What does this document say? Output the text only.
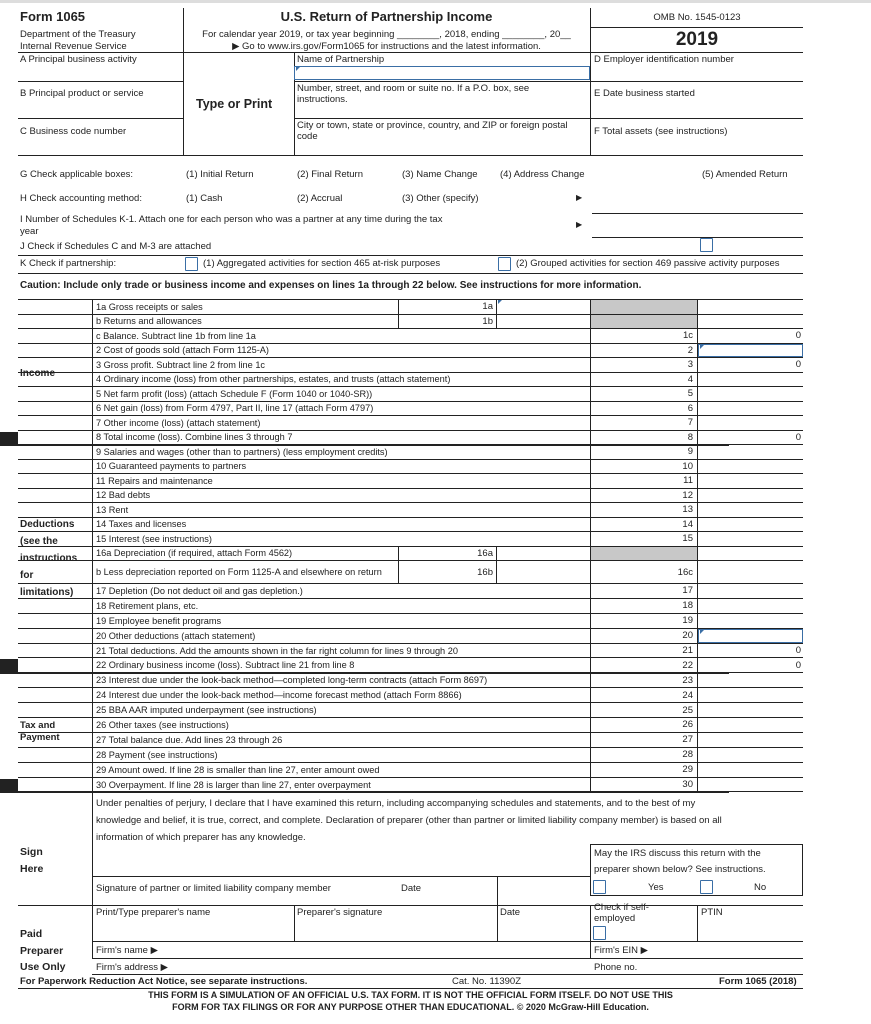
Form 1065
Department of the Treasury
Internal Revenue Service
U.S. Return of Partnership Income
For calendar year 2019, or tax year beginning ________, 2018, ending ________, 20__
▶ Go to www.irs.gov/Form1065 for instructions and the latest information.
OMB No. 1545-0123
2019
A Principal business activity
B Principal product or service
C Business code number
Type or Print
Name of Partnership
Number, street, and room or suite no. If a P.O. box, see instructions.
City or town, state or province, country, and ZIP or foreign postal code
D Employer identification number
E Date business started
F Total assets (see instructions)
G Check applicable boxes:	(1) Initial Return	(2) Final Return	(3) Name Change (4) Address Change	(5) Amended Return
H Check accounting method:	(1) Cash	(2) Accrual	(3) Other (specify)	▶
I Number of Schedules K-1. Attach one for each person who was a partner at any time during the tax
year
▶
J Check if Schedules C and M-3 are attached
K Check if partnership:	(1) Aggregated activities for section 465 at-risk purposes	(2) Grouped activities for section 469 passive activity purposes
Caution: Include only trade or business income and expenses on lines 1a through 22 below. See instructions for more information.
1a Gross receipts or sales	1a
b Returns and allowances	1b
c Balance. Subtract line 1b from line 1a	1c	0
2 Cost of goods sold (attach Form 1125-A)	2
3 Gross profit. Subtract line 2 from line 1c	3	0
4 Ordinary income (loss) from other partnerships, estates, and trusts (attach statement)	4
5 Net farm profit (loss) (attach Schedule F (Form 1040 or 1040-SR))	5
6 Net gain (loss) from Form 4797, Part II, line 17 (attach Form 4797)	6
7 Other income (loss) (attach statement)	7
8 Total income (loss). Combine lines 3 through 7	8	0
9 Salaries and wages (other than to partners) (less employment credits)	9
10 Guaranteed payments to partners	10
11 Repairs and maintenance	11
12 Bad debts	12
13 Rent	13
14 Taxes and licenses	14
15 Interest (see instructions)	15
16a Depreciation (if required, attach Form 4562)	16a
b Less depreciation reported on Form 1125-A and elsewhere on return	16b	16c
17 Depletion (Do not deduct oil and gas depletion.)	17
18 Retirement plans, etc.	18
19 Employee benefit programs	19
20 Other deductions (attach statement)	20
21 Total deductions. Add the amounts shown in the far right column for lines 9 through 20	21	0
22 Ordinary business income (loss). Subtract line 21 from line 8	22	0
23 Interest due under the look-back method—completed long-term contracts (attach Form 8697)	23
24 Interest due under the look-back method—income forecast method (attach Form 8866)	24
25 BBA AAR imputed underpayment (see instructions)	25
26 Other taxes (see instructions)	26
27 Total balance due. Add lines 23 through 26	27
28 Payment (see instructions)	28
29 Amount owed. If line 28 is smaller than line 27, enter amount owed	29
30 Overpayment. If line 28 is larger than line 27, enter overpayment	30
Income
Deductions
(see the
instructions
for
limitations)
Tax and
Payment
Under penalties of perjury, I declare that I have examined this return, including accompanying schedules and statements, and to the best of my
knowledge and belief, it is true, correct, and complete. Declaration of preparer (other than partner or limited liability company member) is based on all
information of which preparer has any knowledge.
Sign
Here
May the IRS discuss this return with the
preparer shown below? See instructions.
Yes	No
Signature of partner or limited liability company member	Date
Print/Type preparer's name	Preparer's signature	Date	Check if self-employed
PTIN
Paid
Preparer
Use Only
Firm's name ▶	Firm's EIN ▶
Firm's address ▶	Phone no.
For Paperwork Reduction Act Notice, see separate instructions.	Cat. No. 11390Z	Form 1065 (2018)
THIS FORM IS A SIMULATION OF AN OFFICIAL U.S. TAX FORM. IT IS NOT THE OFFICIAL FORM ITSELF. DO NOT USE THIS
FORM FOR TAX FILINGS OR FOR ANY PURPOSE OTHER THAN EDUCATIONAL. © 2020 McGraw-Hill Education.
